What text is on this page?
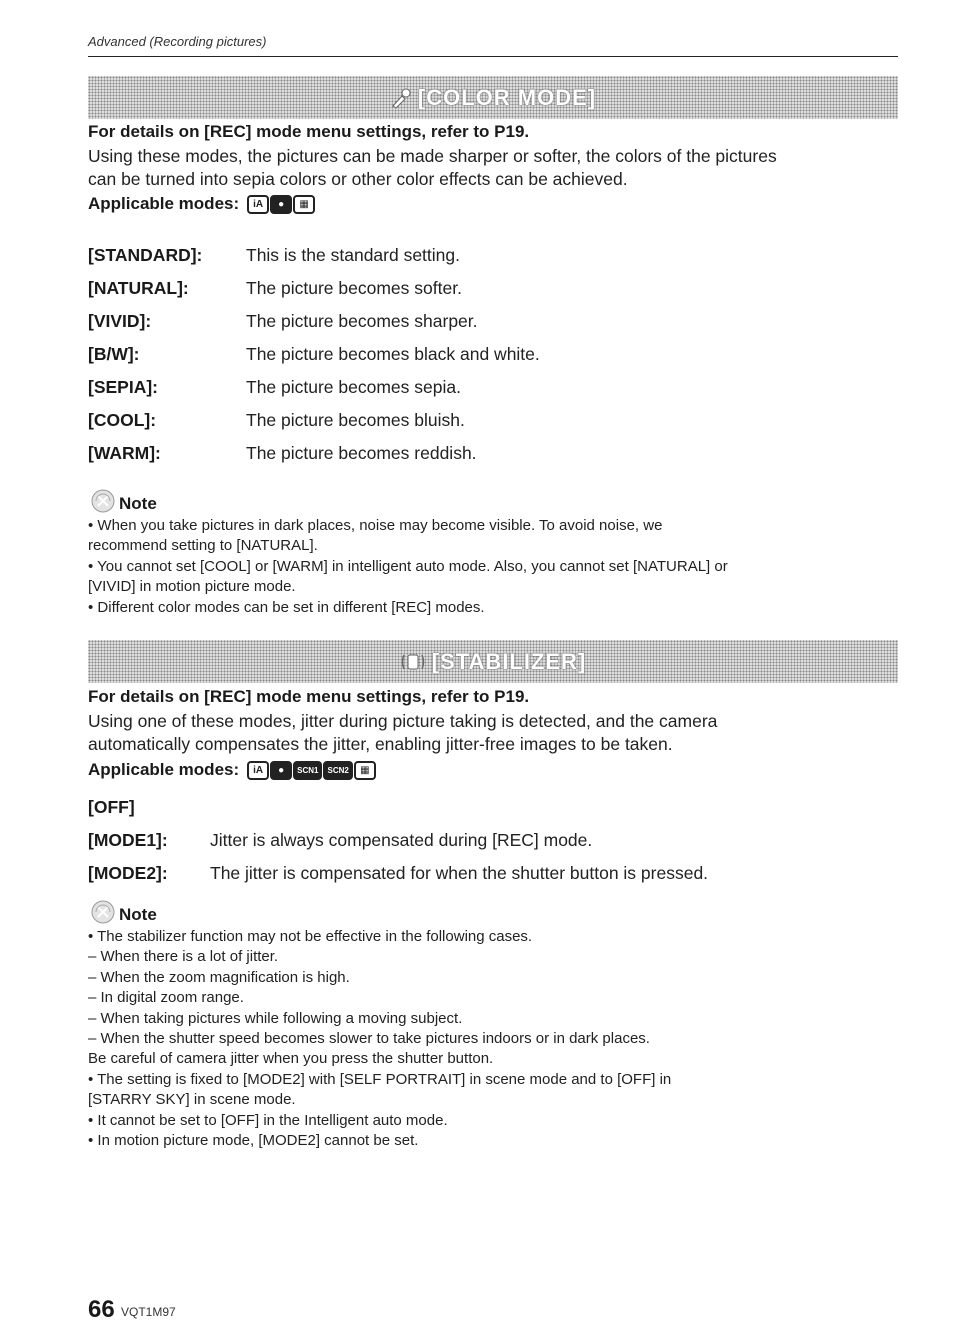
Advanced (Recording pictures)
[COLOR MODE]
For details on [REC] mode menu settings, refer to P19.
Using these modes, the pictures can be made sharper or softer, the colors of the pictures
can be turned into sepia colors or other color effects can be achieved.
Applicable modes:	iA	●	▦
[STANDARD]: This is the standard setting.
[NATURAL]:	The picture becomes softer.
[VIVID]:	The picture becomes sharper.
[B/W]:	The picture becomes black and white.
[SEPIA]:	The picture becomes sepia.
[COOL]:	The picture becomes bluish.
[WARM]:	The picture becomes reddish.
Note
• When you take pictures in dark places, noise may become visible. To avoid noise, we
recommend setting to [NATURAL].
• You cannot set [COOL] or [WARM] in intelligent auto mode. Also, you cannot set [NATURAL] or
[VIVID] in motion picture mode.
• Different color modes can be set in different [REC] modes.
[STABILIZER]
For details on [REC] mode menu settings, refer to P19.
Using one of these modes, jitter during picture taking is detected, and the camera
automatically compensates the jitter, enabling jitter-free images to be taken.
Applicable modes:	iA	●	SCN1	SCN2	▦
[OFF]
[MODE1]: Jitter is always compensated during [REC] mode.
[MODE2]: The jitter is compensated for when the shutter button is pressed.
Note
• The stabilizer function may not be effective in the following cases.
– When there is a lot of jitter.
– When the zoom magnification is high.
– In digital zoom range.
– When taking pictures while following a moving subject.
– When the shutter speed becomes slower to take pictures indoors or in dark places.
Be careful of camera jitter when you press the shutter button.
• The setting is fixed to [MODE2] with [SELF PORTRAIT] in scene mode and to [OFF] in
[STARRY SKY] in scene mode.
• It cannot be set to [OFF] in the Intelligent auto mode.
• In motion picture mode, [MODE2] cannot be set.
66 VQT1M97
